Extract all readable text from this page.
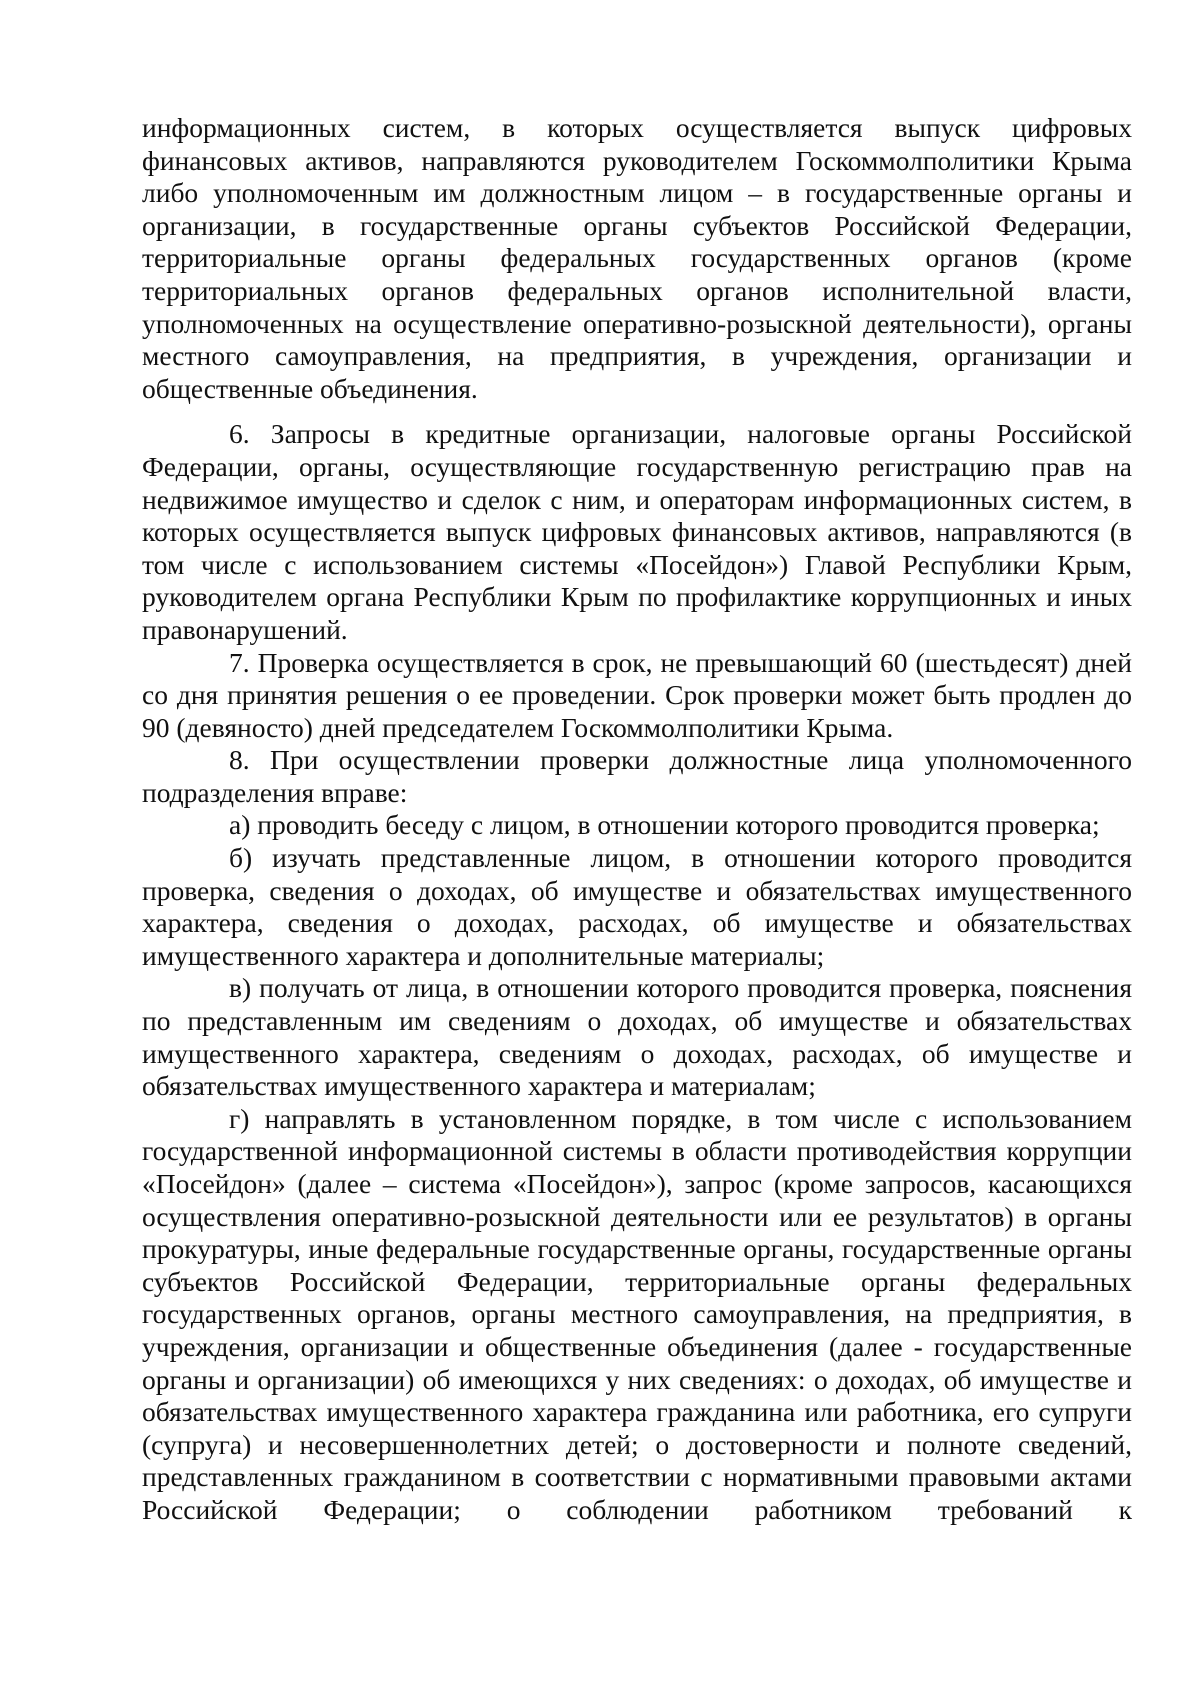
информационных систем, в которых осуществляется выпуск цифровых финансовых активов, направляются руководителем Госкоммолполитики Крыма либо уполномоченным им должностным лицом – в государственные органы и организации, в государственные органы субъектов Российской Федерации, территориальные органы федеральных государственных органов (кроме территориальных органов федеральных органов исполнительной власти, уполномоченных на осуществление оперативно-розыскной деятельности), органы местного самоуправления, на предприятия, в учреждения, организации и общественные объединения.

6. Запросы в кредитные организации, налоговые органы Российской Федерации, органы, осуществляющие государственную регистрацию прав на недвижимое имущество и сделок с ним, и операторам информационных систем, в которых осуществляется выпуск цифровых финансовых активов, направляются (в том числе с использованием системы «Посейдон») Главой Республики Крым, руководителем органа Республики Крым по профилактике коррупционных и иных правонарушений.

7. Проверка осуществляется в срок, не превышающий 60 (шестьдесят) дней со дня принятия решения о ее проведении. Срок проверки может быть продлен до 90 (девяносто) дней председателем Госкоммолполитики Крыма.

8. При осуществлении проверки должностные лица уполномоченного подразделения вправе:

а) проводить беседу с лицом, в отношении которого проводится проверка;

б) изучать представленные лицом, в отношении которого проводится проверка, сведения о доходах, об имуществе и обязательствах имущественного характера, сведения о доходах, расходах, об имуществе и обязательствах имущественного характера и дополнительные материалы;

в) получать от лица, в отношении которого проводится проверка, пояснения по представленным им сведениям о доходах, об имуществе и обязательствах имущественного характера, сведениям о доходах, расходах, об имуществе и обязательствах имущественного характера и материалам;

г) направлять в установленном порядке, в том числе с использованием государственной информационной системы в области противодействия коррупции «Посейдон» (далее – система «Посейдон»), запрос (кроме запросов, касающихся осуществления оперативно-розыскной деятельности или ее результатов) в органы прокуратуры, иные федеральные государственные органы, государственные органы субъектов Российской Федерации, территориальные органы федеральных государственных органов, органы местного самоуправления, на предприятия, в учреждения, организации и общественные объединения (далее - государственные органы и организации) об имеющихся у них сведениях: о доходах, об имуществе и обязательствах имущественного характера гражданина или работника, его супруги (супруга) и несовершеннолетних детей; о достоверности и полноте сведений, представленных гражданином в соответствии с нормативными правовыми актами Российской Федерации; о соблюдении работником требований к
